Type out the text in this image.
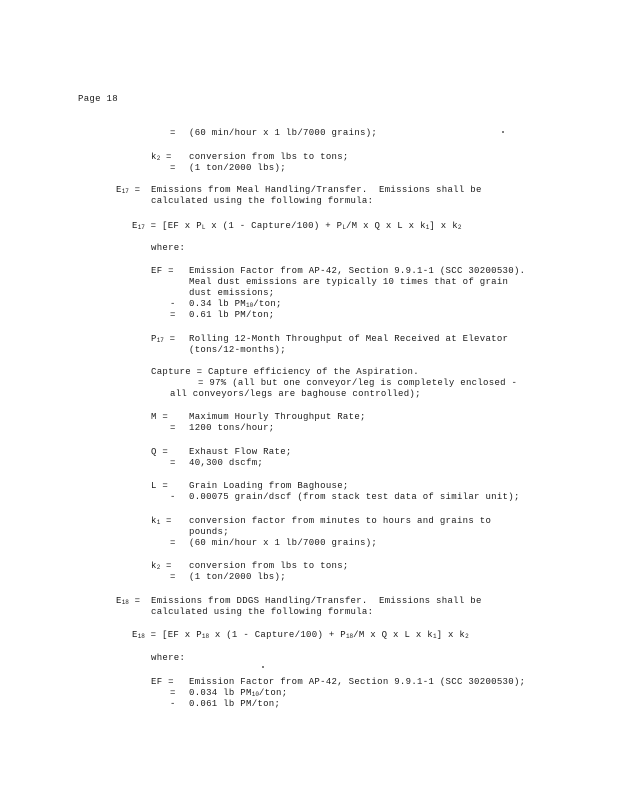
Page 18
= (60 min/hour x 1 lb/7000 grains);
k2 = conversion from lbs to tons;
= (1 ton/2000 lbs);
E17 = Emissions from Meal Handling/Transfer.  Emissions shall be
calculated using the following formula:
E17 = [EF x PL x (1 - Capture/100) + PL/M x Q x L x k1] x k2
where:
EF = Emission Factor from AP-42, Section 9.9.1-1 (SCC 30200530).
Meal dust emissions are typically 10 times that of grain
dust emissions;
- 0.34 lb PM10/ton;
= 0.61 lb PM/ton;
P17 = Rolling 12-Month Throughput of Meal Received at Elevator
(tons/12-months);
Capture = Capture efficiency of the Aspiration.
= 97% (all but one conveyor/leg is completely enclosed -
all conveyors/legs are baghouse controlled);
M = Maximum Hourly Throughput Rate;
= 1200 tons/hour;
Q = Exhaust Flow Rate;
= 40,300 dscfm;
L = Grain Loading from Baghouse;
- 0.00075 grain/dscf (from stack test data of similar unit);
k1 = conversion factor from minutes to hours and grains to
pounds;
= (60 min/hour x 1 lb/7000 grains);
k2 = conversion from lbs to tons;
= (1 ton/2000 lbs);
E18 = Emissions from DDGS Handling/Transfer.  Emissions shall be
calculated using the following formula:
E18 = [EF x P18 x (1 - Capture/100) + P18/M x Q x L x k1] x k2
where:
EF = Emission Factor from AP-42, Section 9.9.1-1 (SCC 30200530);
= 0.034 lb PM10/ton;
- 0.061 lb PM/ton;
